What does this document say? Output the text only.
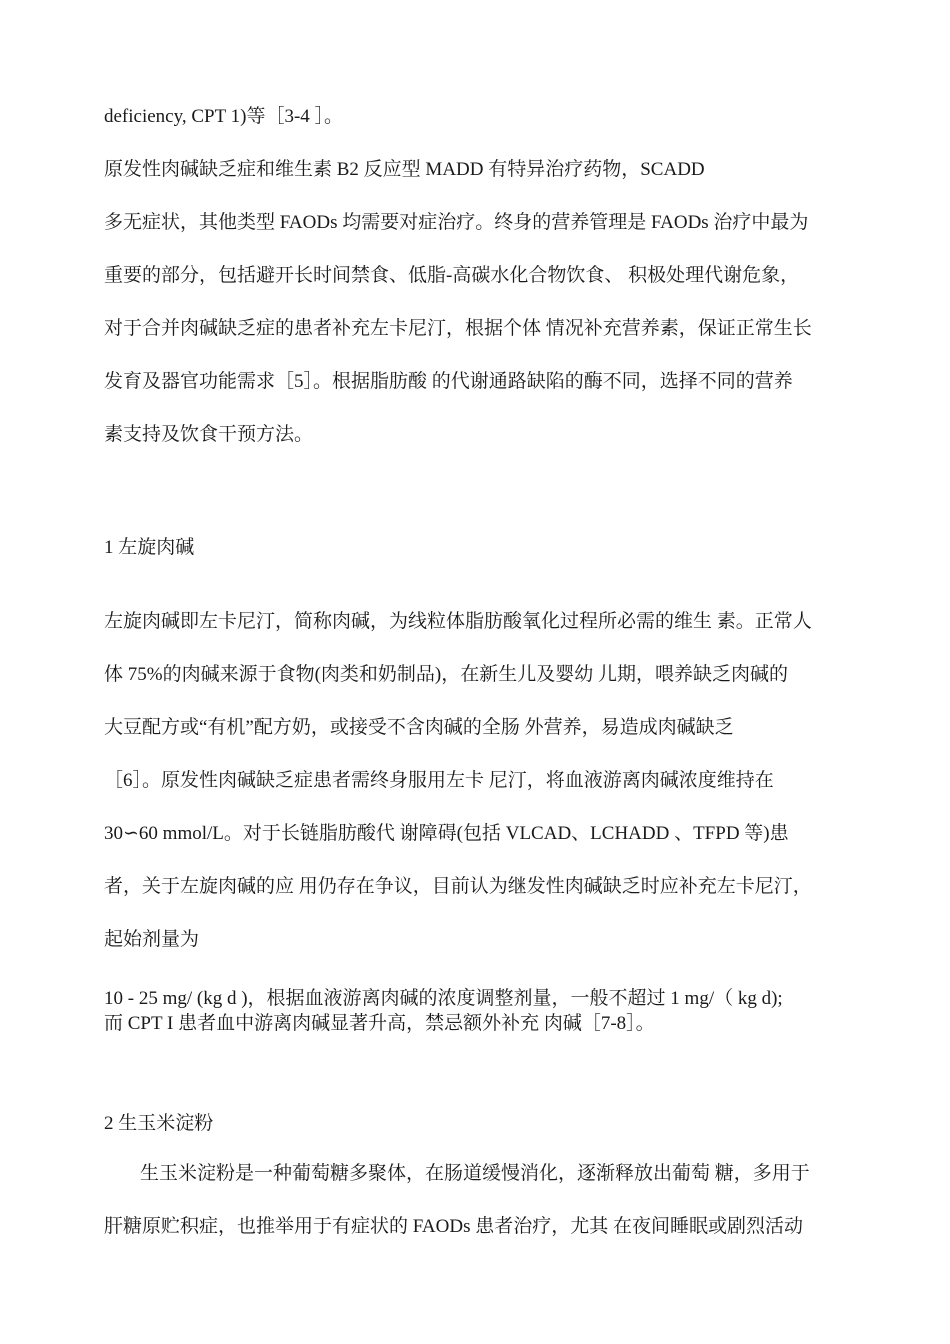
deficiency, CPT 1)等［3-4 ］。
原发性肉碱缺乏症和维生素 B2 反应型 MADD 有特异治疗药物，SCADD
多无症状，其他类型 FAODs 均需要对症治疗。终身的营养管理是 FAODs 治疗中最为
重要的部分，包括避开长时间禁食、低脂-高碳水化合物饮食、 积极处理代谢危象，
对于合并肉碱缺乏症的患者补充左卡尼汀，根据个体 情况补充营养素，保证正常生长
发育及器官功能需求［5］。根据脂肪酸 的代谢通路缺陷的酶不同，选择不同的营养
素支持及饮食干预方法。
1 左旋肉碱
左旋肉碱即左卡尼汀，简称肉碱，为线粒体脂肪酸氧化过程所必需的维生 素。正常人
体 75%的肉碱来源于食物(肉类和奶制品)，在新生儿及婴幼 儿期，喂养缺乏肉碱的
大豆配方或“有机”配方奶，或接受不含肉碱的全肠 外营养，易造成肉碱缺乏
［6］。原发性肉碱缺乏症患者需终身服用左卡 尼汀，将血液游离肉碱浓度维持在
30∽60 mmol/L。对于长链脂肪酸代 谢障碍(包括 VLCAD、LCHADD 、TFPD 等)患
者，关于左旋肉碱的应 用仍存在争议，目前认为继发性肉碱缺乏时应补充左卡尼汀，
起始剂量为
10 - 25 mg/ (kg d )，根据血液游离肉碱的浓度调整剂量，一般不超过 1 mg/（ kg d);
而 CPT I 患者血中游离肉碱显著升高，禁忌额外补充 肉碱［7-8］。
2 生玉米淀粉
生玉米淀粉是一种葡萄糖多聚体，在肠道缓慢消化，逐渐释放出葡萄 糖，多用于
肝糖原贮积症，也推举用于有症状的 FAODs 患者治疗，尤其 在夜间睡眠或剧烈活动
